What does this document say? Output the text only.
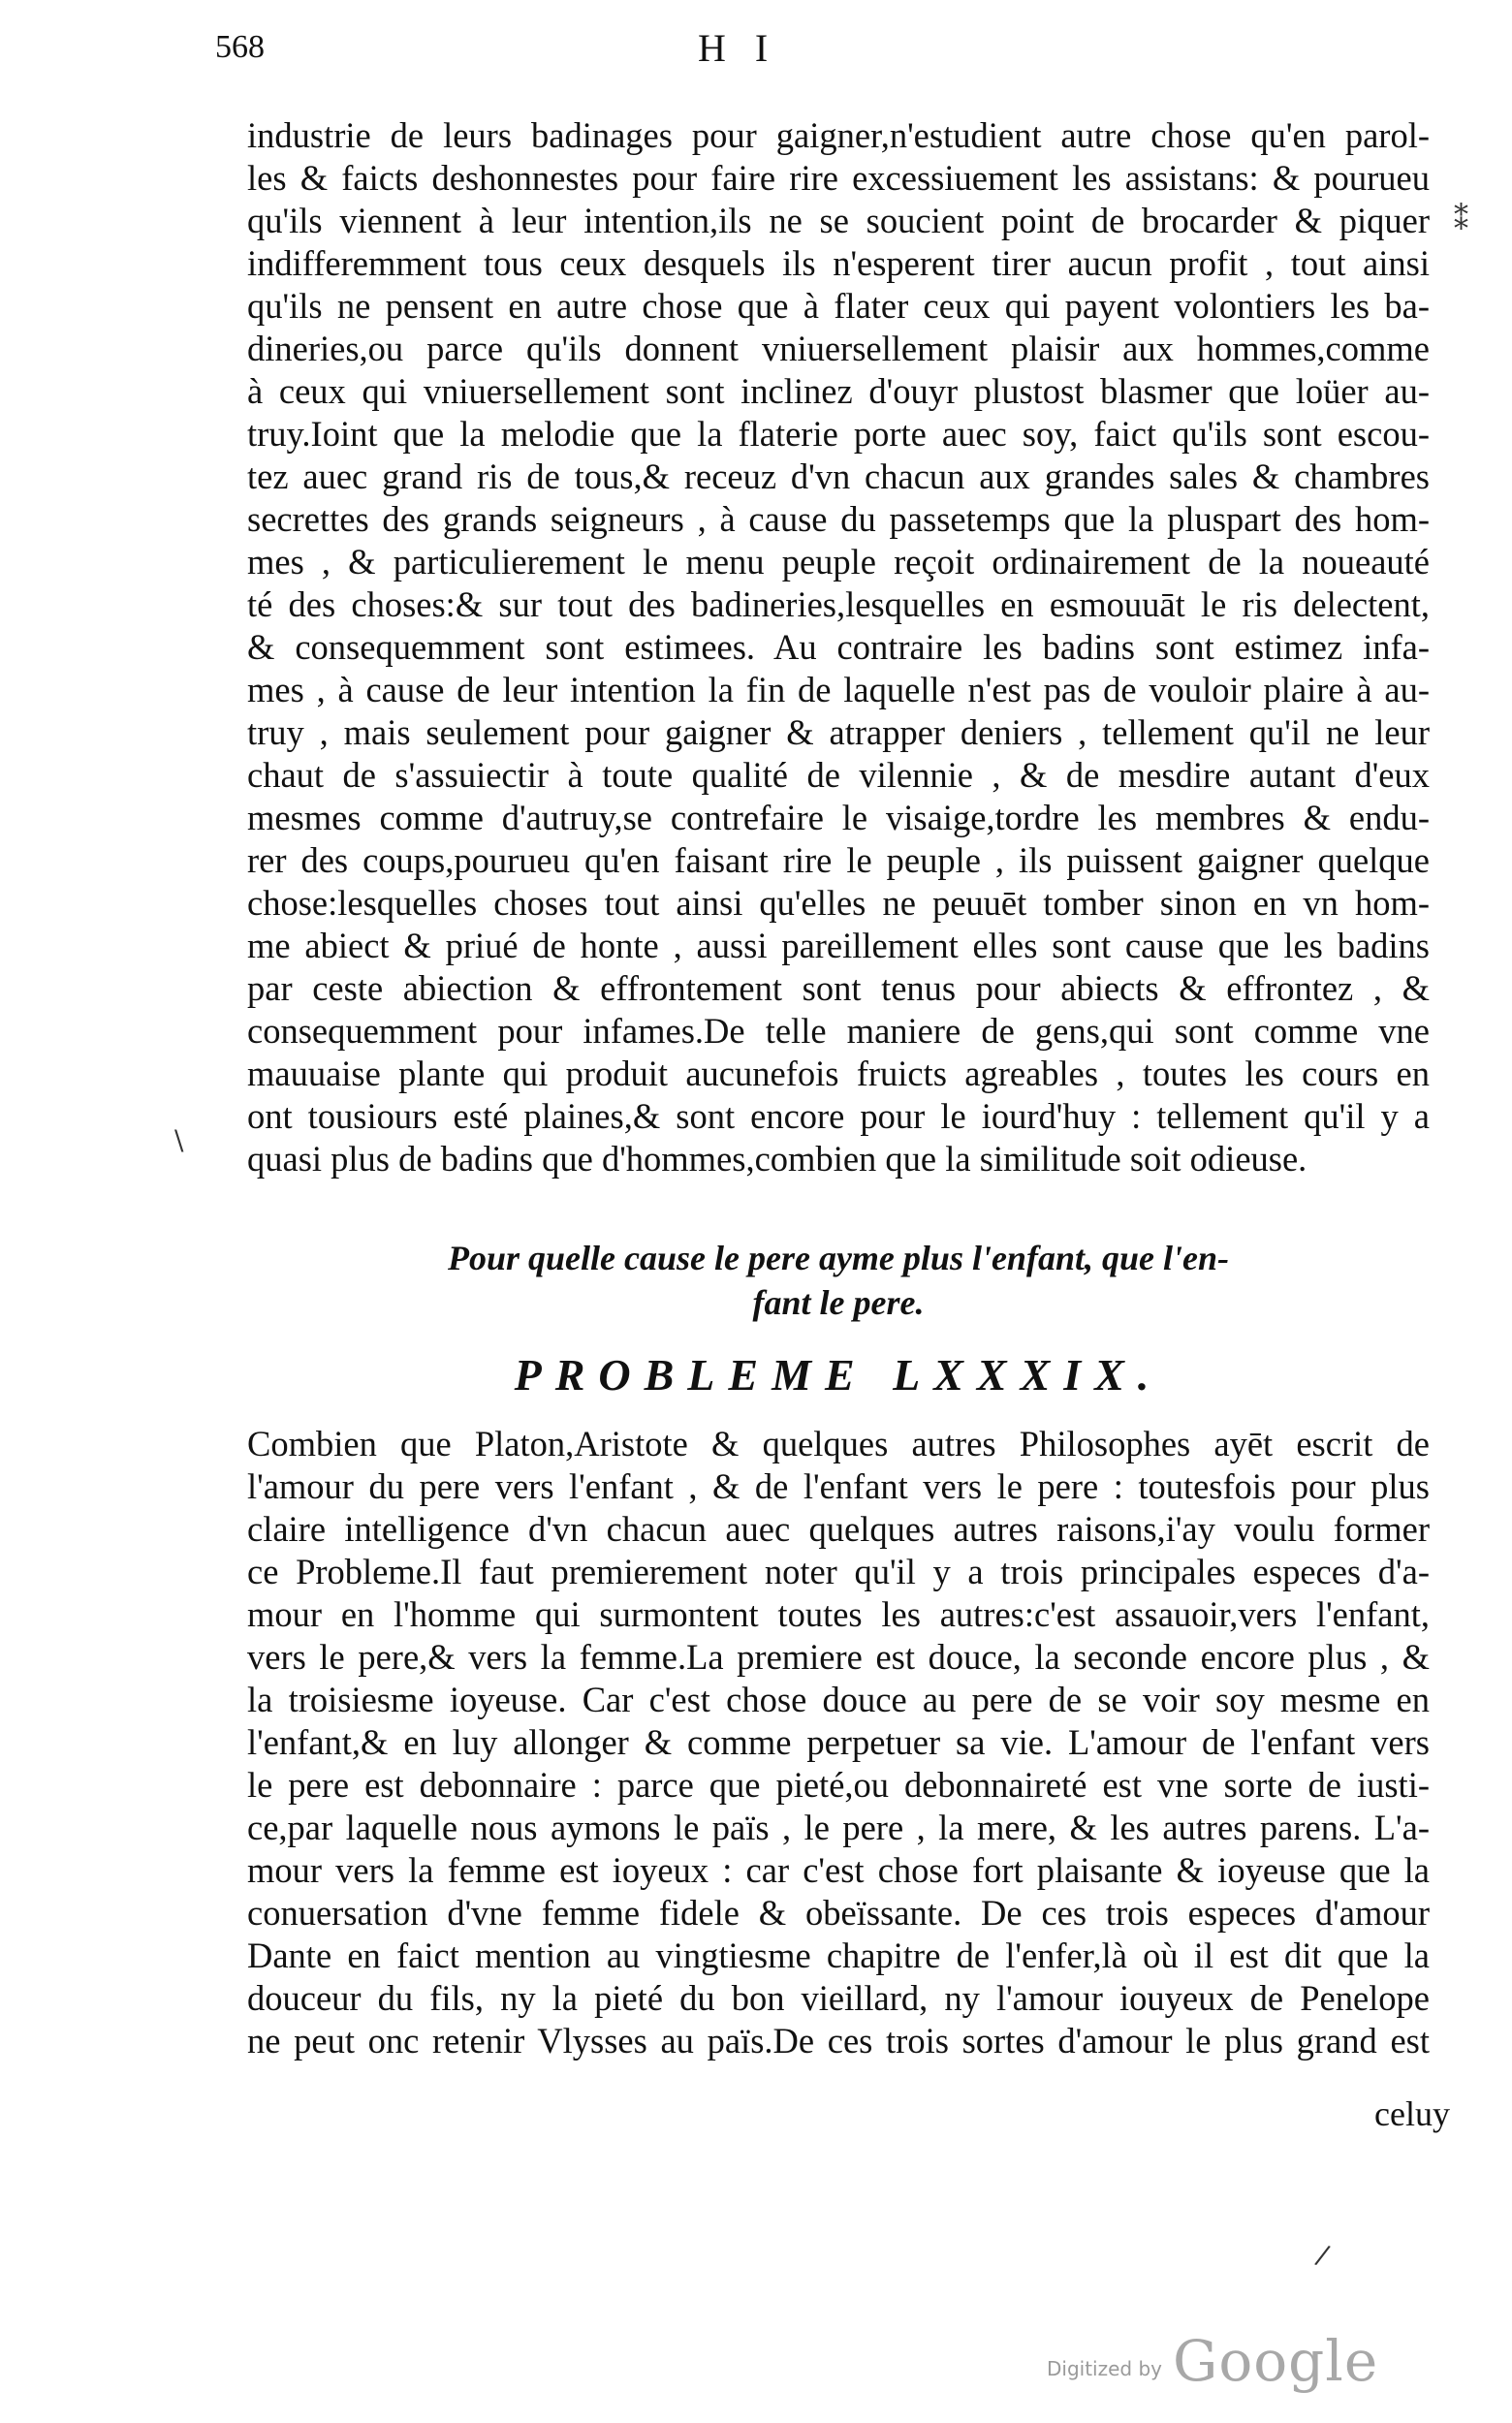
568	H I
industrie de leurs badinages pour gaigner,n'estudient autre chose qu'en parol-
les & faicts deshonnestes pour faire rire excessiuement les assistans: & pourueu
qu'ils viennent à leur intention,ils ne se soucient point de brocarder & piquer
indifferemment tous ceux desquels ils n'esperent tirer aucun profit , tout ainsi
qu'ils ne pensent en autre chose que à flater ceux qui payent volontiers les ba-
dineries,ou parce qu'ils donnent vniuersellement plaisir aux hommes,comme
à ceux qui vniuersellement sont inclinez d'ouyr plustost blasmer que loüer au-
truy.Ioint que la melodie que la flaterie porte auec soy, faict qu'ils sont escou-
tez auec grand ris de tous,& receuz d'vn chacun aux grandes sales & chambres
secrettes des grands seigneurs , à cause du passetemps que la pluspart des hom-
mes , & particulierement le menu peuple reçoit ordinairement de la noueauté
té des choses:& sur tout des badineries,lesquelles en esmouuāt le ris delectent,
& consequemment sont estimees. Au contraire les badins sont estimez infa-
mes , à cause de leur intention la fin de laquelle n'est pas de vouloir plaire à au-
truy , mais seulement pour gaigner & atrapper deniers , tellement qu'il ne leur
chaut de s'assuiectir à toute qualité de vilennie , & de mesdire autant d'eux
mesmes comme d'autruy,se contrefaire le visaige,tordre les membres & endu-
rer des coups,pourueu qu'en faisant rire le peuple , ils puissent gaigner quelque
chose:lesquelles choses tout ainsi qu'elles ne peuuēt tomber sinon en vn hom-
me abiect & priué de honte , aussi pareillement elles sont cause que les badins
par ceste abiection & effrontement sont tenus pour abiects & effrontez , &
consequemment pour infames.De telle maniere de gens,qui sont comme vne
mauuaise plante qui produit aucunefois fruicts agreables , toutes les cours en
ont tousiours esté plaines,& sont encore pour le iourd'huy : tellement qu'il y a
quasi plus de badins que d'hommes,combien que la similitude soit odieuse.
Pour quelle cause le pere ayme plus l'enfant, que l'en-
fant le pere.
PROBLEME LXXXIX.
Combien que Platon,Aristote & quelques autres Philosophes ayēt escrit de
l'amour du pere vers l'enfant , & de l'enfant vers le pere : toutesfois pour plus
claire intelligence d'vn chacun auec quelques autres raisons,i'ay voulu former
ce Probleme.Il faut premierement noter qu'il y a trois principales especes d'a-
mour en l'homme qui surmontent toutes les autres:c'est assauoir,vers l'enfant,
vers le pere,& vers la femme.La premiere est douce, la seconde encore plus , &
la troisiesme ioyeuse. Car c'est chose douce au pere de se voir soy mesme en
l'enfant,& en luy allonger & comme perpetuer sa vie. L'amour de l'enfant vers
le pere est debonnaire : parce que pieté,ou debonnaireté est vne sorte de iusti-
ce,par laquelle nous aymons le païs , le pere , la mere, & les autres parens. L'a-
mour vers la femme est ioyeux : car c'est chose fort plaisante & ioyeuse que la
conuersation d'vne femme fidele & obeïssante. De ces trois especes d'amour
Dante en faict mention au vingtiesme chapitre de l'enfer,là où il est dit que la
douceur du fils, ny la pieté du bon vieillard, ny l'amour iouyeux de Penelope
ne peut onc retenir Vlysses au païs.De ces trois sortes d'amour le plus grand est
celuy
\
/
⁑
Digitized by Google
